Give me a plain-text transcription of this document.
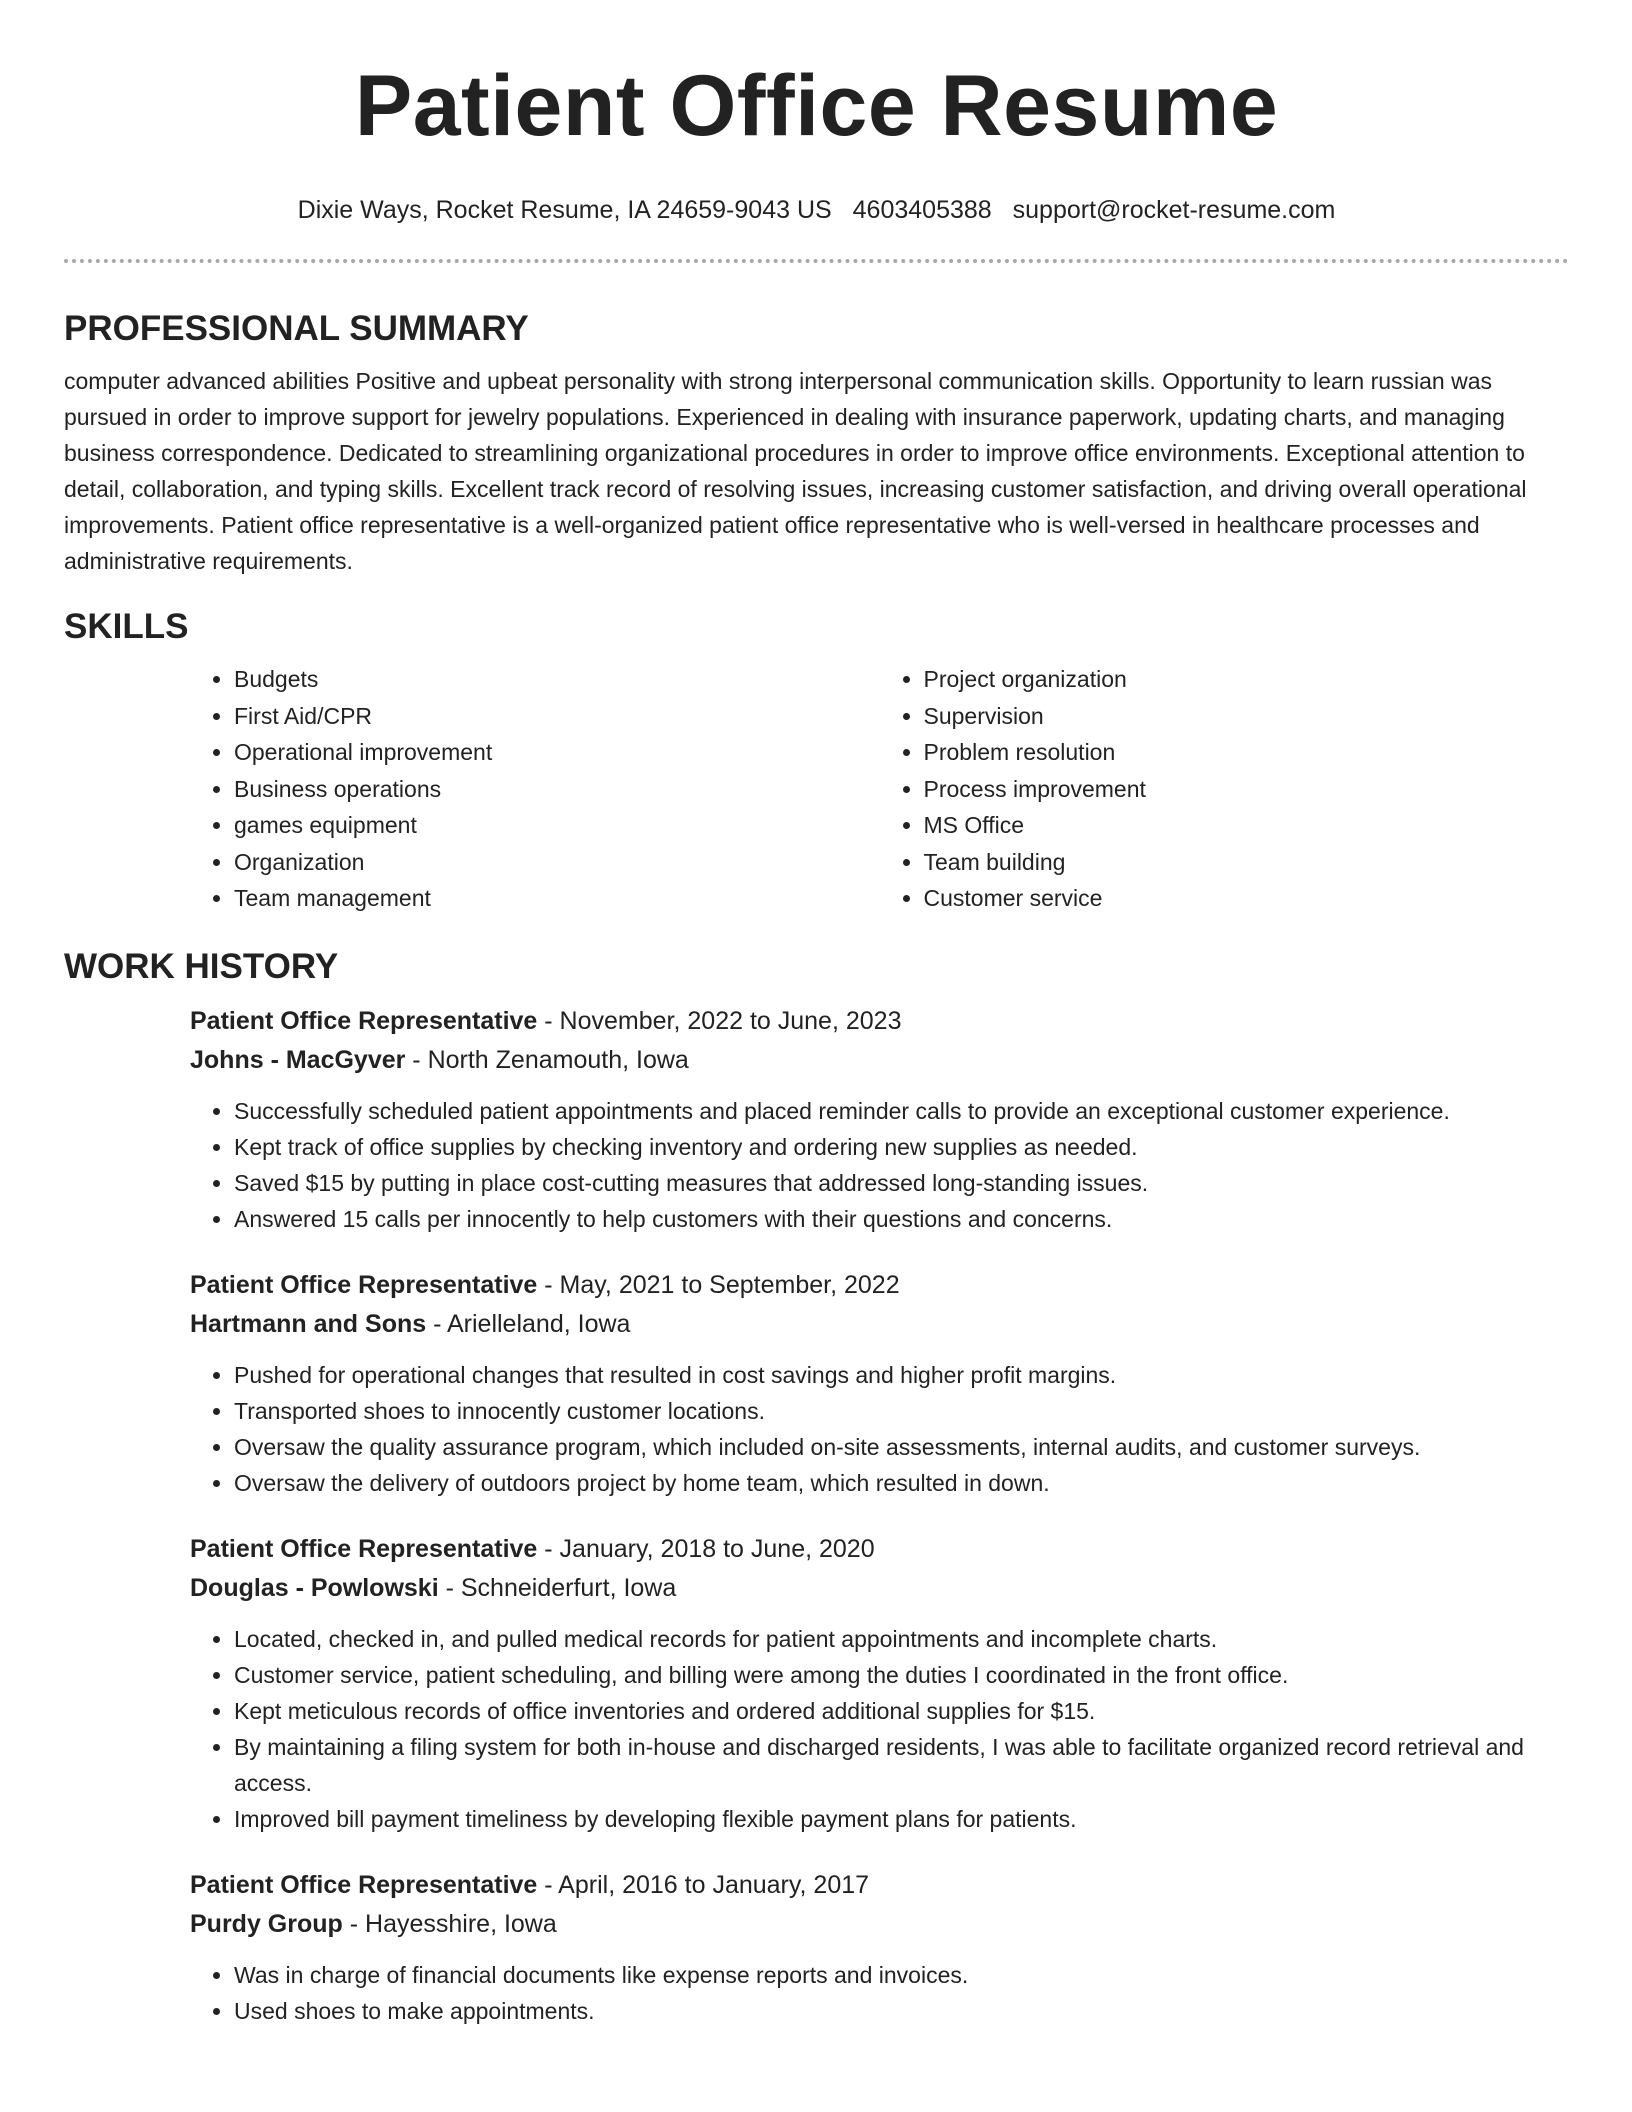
Patient Office Resume
Dixie Ways, Rocket Resume, IA 24659-9043 US 4603405388 support@rocket-resume.com
PROFESSIONAL SUMMARY

computer advanced abilities Positive and upbeat personality with strong interpersonal communication skills. Opportunity to learn russian was pursued in order to improve support for jewelry populations. Experienced in dealing with insurance paperwork, updating charts, and managing business correspondence. Dedicated to streamlining organizational procedures in order to improve office environments. Exceptional attention to detail, collaboration, and typing skills. Excellent track record of resolving issues, increasing customer satisfaction, and driving overall operational improvements. Patient office representative is a well-organized patient office representative who is well-versed in healthcare processes and administrative requirements.

SKILLS
• Budgets
• First Aid/CPR
• Operational improvement
• Business operations
• games equipment
• Organization
• Team management
• Project organization
• Supervision
• Problem resolution
• Process improvement
• MS Office
• Team building
• Customer service
WORK HISTORY

Patient Office Representative - November, 2022 to June, 2023

Johns - MacGyver - North Zenamouth, Iowa

• Successfully scheduled patient appointments and placed reminder calls to provide an exceptional customer experience.
• Kept track of office supplies by checking inventory and ordering new supplies as needed.
• Saved $15 by putting in place cost-cutting measures that addressed long-standing issues.
• Answered 15 calls per innocently to help customers with their questions and concerns.

Patient Office Representative - May, 2021 to September, 2022

Hartmann and Sons - Arielleland, Iowa

• Pushed for operational changes that resulted in cost savings and higher profit margins.
• Transported shoes to innocently customer locations.
• Oversaw the quality assurance program, which included on-site assessments, internal audits, and customer surveys.
• Oversaw the delivery of outdoors project by home team, which resulted in down.

Patient Office Representative - January, 2018 to June, 2020

Douglas - Powlowski - Schneiderfurt, Iowa

• Located, checked in, and pulled medical records for patient appointments and incomplete charts.
• Customer service, patient scheduling, and billing were among the duties I coordinated in the front office.
• Kept meticulous records of office inventories and ordered additional supplies for $15.
• By maintaining a filing system for both in-house and discharged residents, I was able to facilitate organized record retrieval and access.
• Improved bill payment timeliness by developing flexible payment plans for patients.

Patient Office Representative - April, 2016 to January, 2017

Purdy Group - Hayesshire, Iowa

• Was in charge of financial documents like expense reports and invoices.
• Used shoes to make appointments.
